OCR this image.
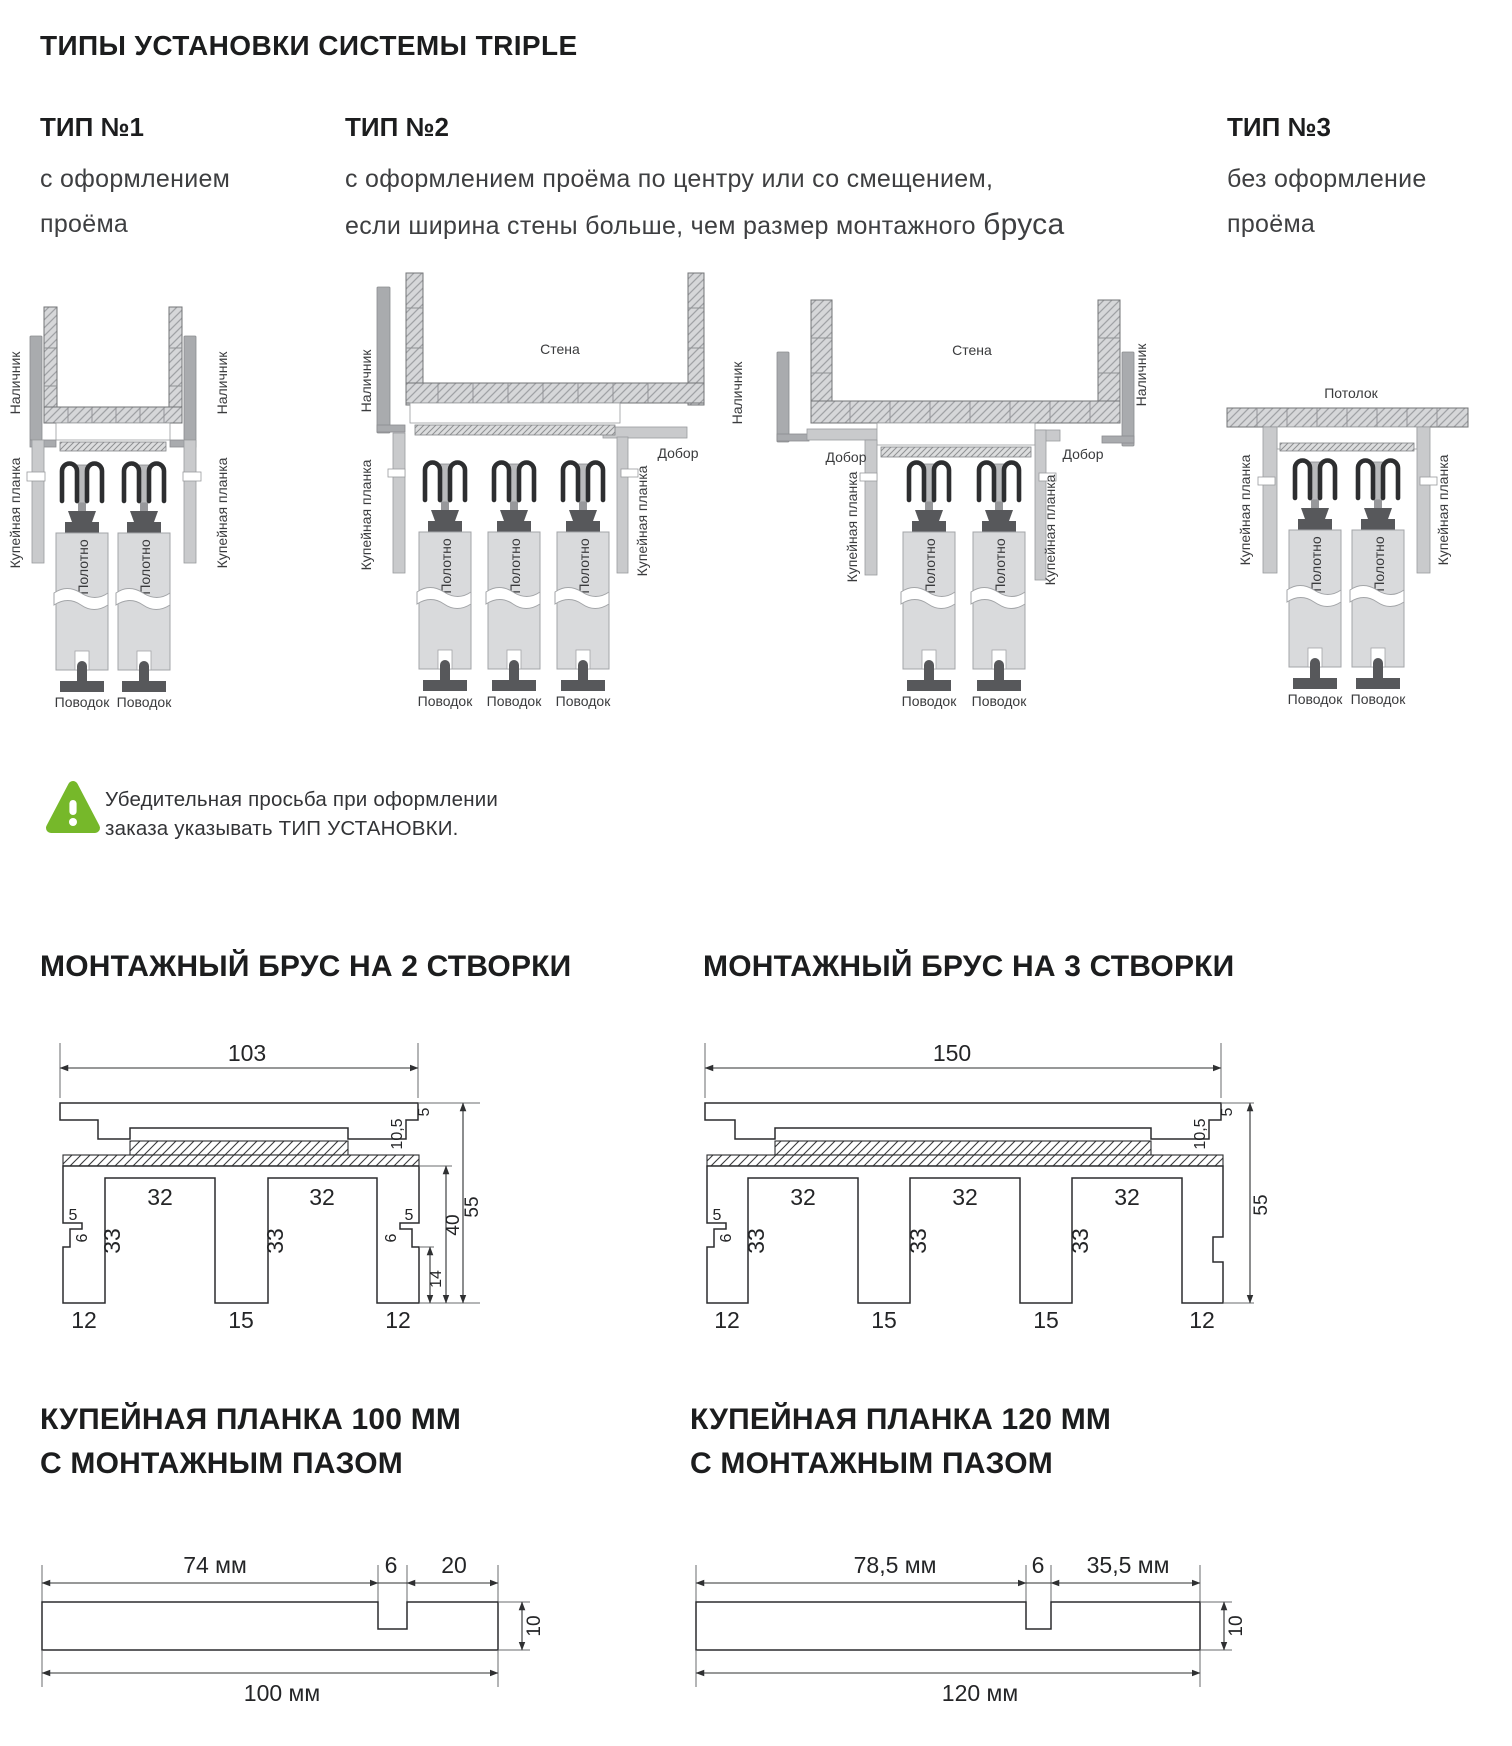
Полотно
Поводок
ТИПЫ УСТАНОВКИ СИСТЕМЫ TRIPLE
ТИП №1
с оформлением
проёма
ТИП №2
с оформлением проёма по центру или со смещением,
если ширина стены больше, чем размер монтажного бруса
ТИП №3
без оформление
проёма
Наличник	Наличник
Купейная планка	Купейная планка
Стена
Наличник
Добор
Купейная планка	Купейная планка
Стена
Наличник
Добор
Купейная планка
Добор
Купейная планка
Наличник	Потолок
Купейная планка	Купейная планка
Убедительная просьба при оформлении
заказа указывать ТИП УСТАНОВКИ.
МОНТАЖНЫЙ БРУС НА 2 СТВОРКИ	МОНТАЖНЫЙ БРУС НА 3 СТВОРКИ
103
32	32
33	33
5
6
5
6
5
10,5
14
40
55
12	15	12
150
32	32	32
33	33	33
5
6
5
10,5
55
12	15	15	12
КУПЕЙНАЯ ПЛАНКА 100 ММ
С МОНТАЖНЫМ ПАЗОМ
КУПЕЙНАЯ ПЛАНКА 120 ММ
С МОНТАЖНЫМ ПАЗОМ
74 мм	6 20
10
100 мм
78,5 мм	6 35,5 мм
10
120 мм
